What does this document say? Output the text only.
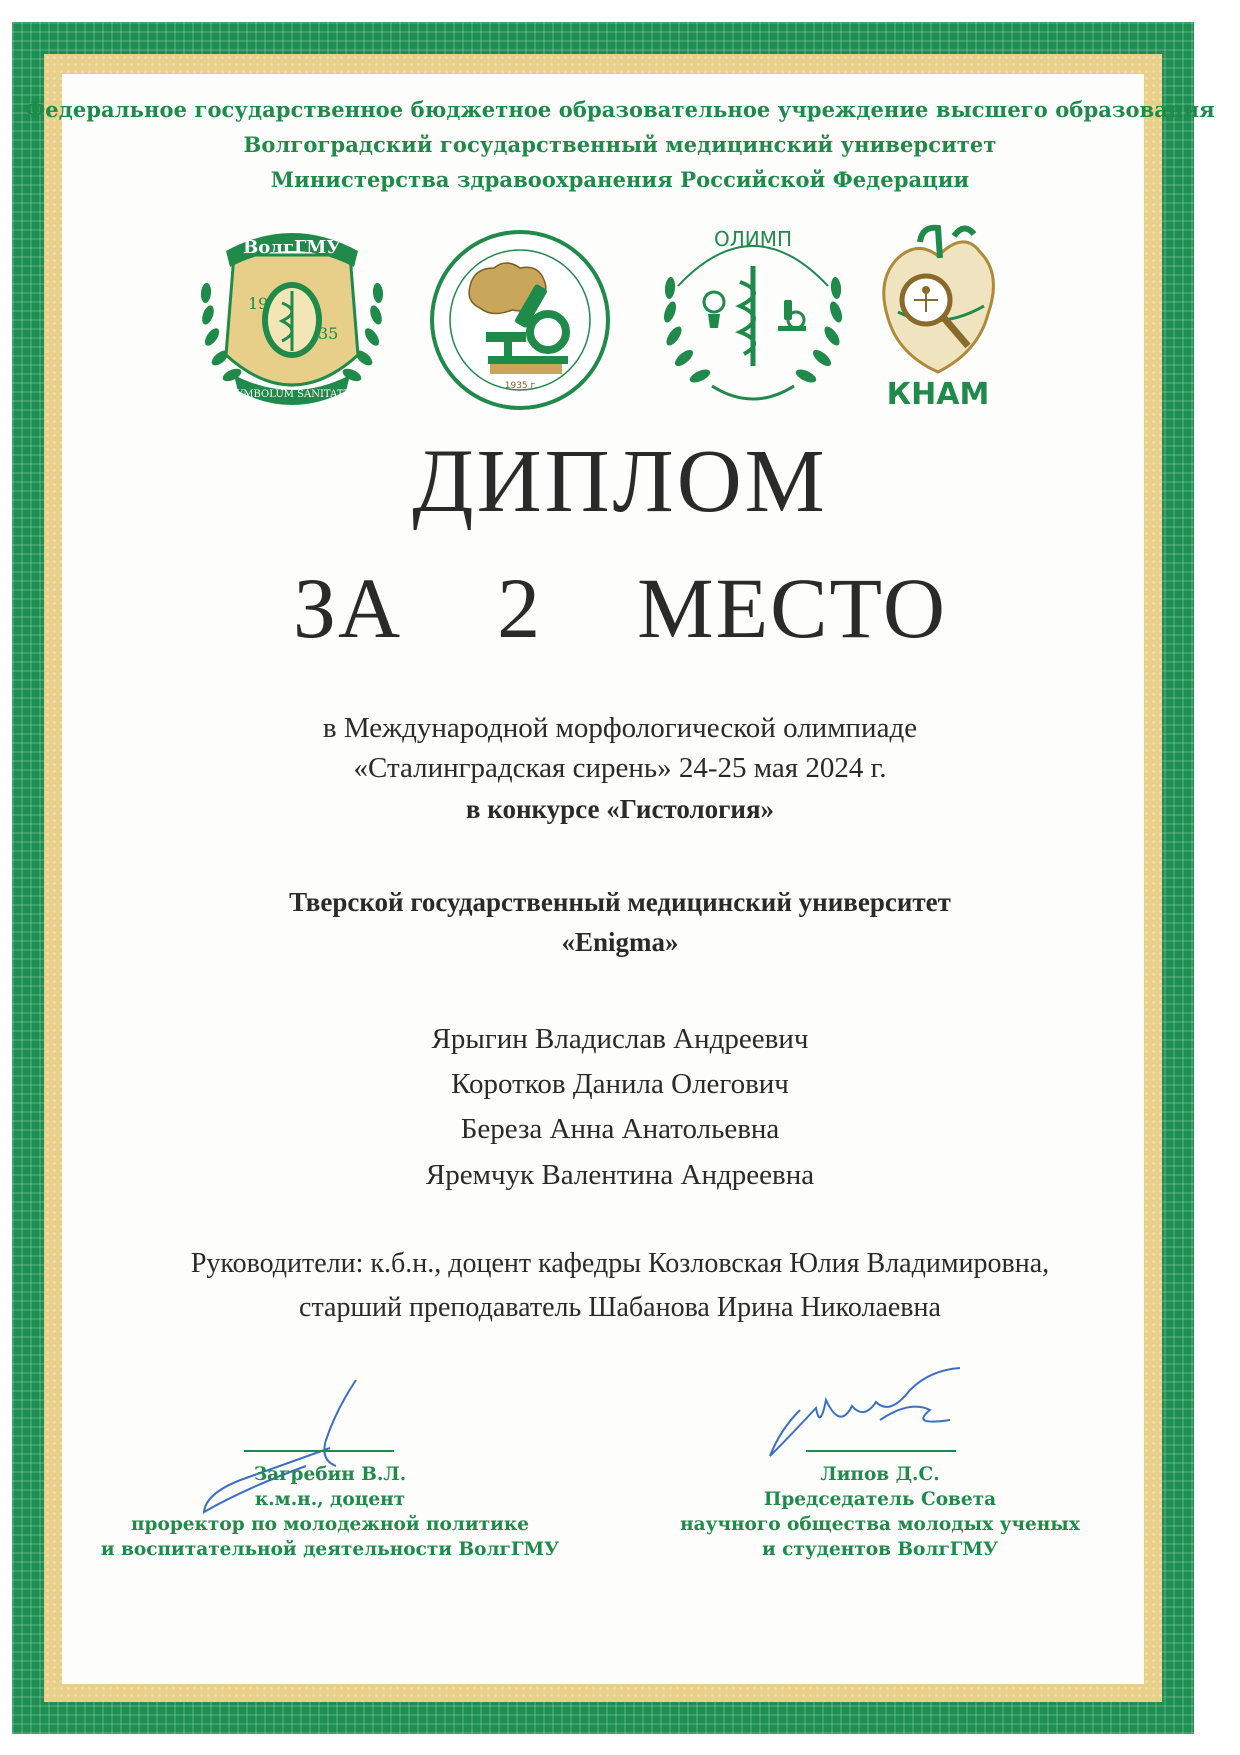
Федеральное государственное бюджетное образовательное учреждение высшего образования
Волгоградский государственный медицинский университет
Министерства здравоохранения Российской Федерации
ВолгГМУ
19
35
SYMBOLUM SANITATIS
1935 г
ОЛИМП
КНАМ
ДИПЛОМ
ЗА 2 МЕСТО
в Международной морфологической олимпиаде
«Сталинградская сирень» 24-25 мая 2024 г.
в конкурсе «Гистология»
Тверской государственный медицинский университет
«Enigma»
Ярыгин Владислав Андреевич
Коротков Данила Олегович
Береза Анна Анатольевна
Яремчук Валентина Андреевна
Руководители: к.б.н., доцент кафедры Козловская Юлия Владимировна,
старший преподаватель Шабанова Ирина Николаевна
Загребин В.Л.
к.м.н., доцент
проректор по молодежной политике
и воспитательной деятельности ВолгГМУ
Липов Д.С.
Председатель Совета
научного общества молодых ученых
и студентов ВолгГМУ
